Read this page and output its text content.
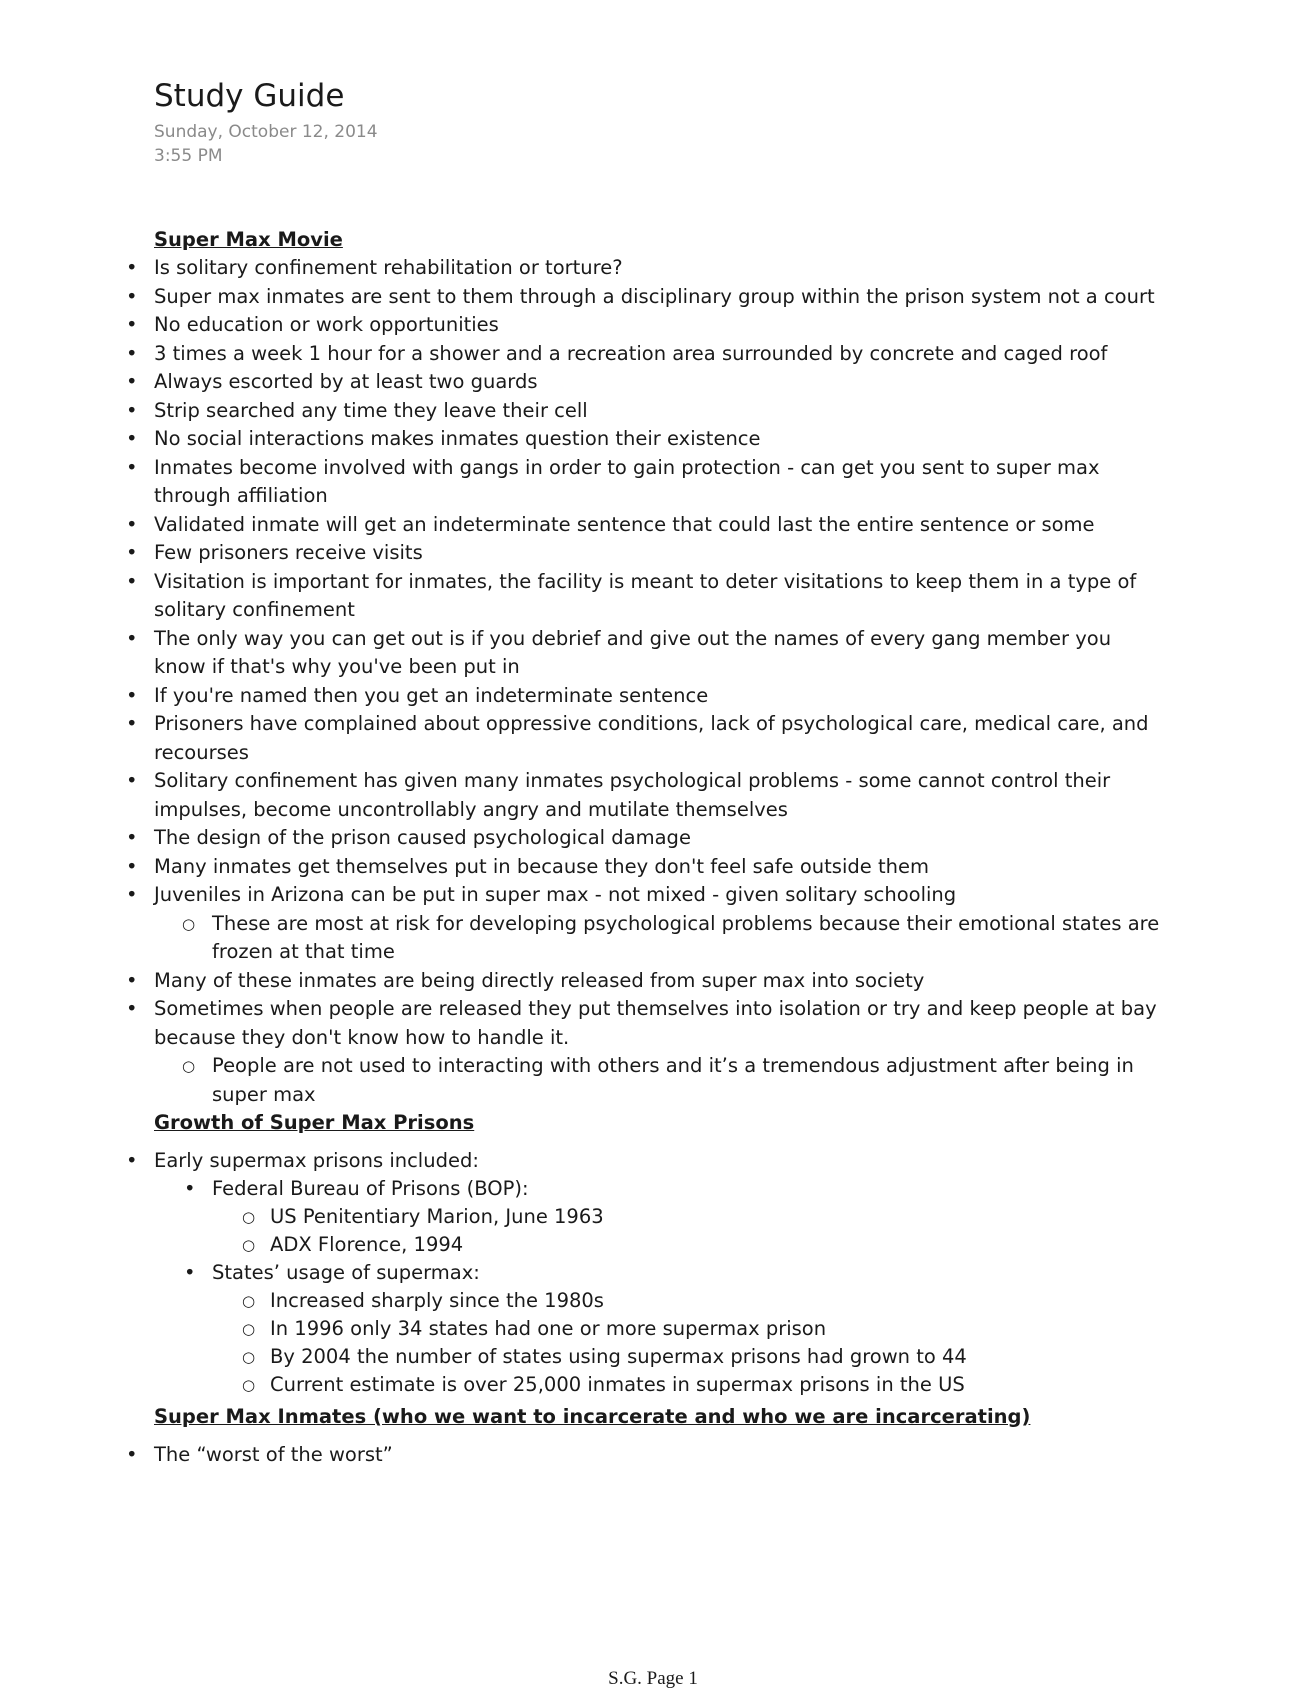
Study Guide
Sunday, October 12, 2014
3:55 PM
Super Max Movie
• Is solitary confinement rehabilitation or torture?
• Super max inmates are sent to them through a disciplinary group within the prison system not a court
• No education or work opportunities
• 3 times a week 1 hour for a shower and a recreation area surrounded by concrete and caged roof
• Always escorted by at least two guards
• Strip searched any time they leave their cell
• No social interactions makes inmates question their existence
• Inmates become involved with gangs in order to gain protection - can get you sent to super max through affiliation
• Validated inmate will get an indeterminate sentence that could last the entire sentence or some
• Few prisoners receive visits
• Visitation is important for inmates, the facility is meant to deter visitations to keep them in a type of solitary confinement
• The only way you can get out is if you debrief and give out the names of every gang member you know if that's why you've been put in
• If you're named then you get an indeterminate sentence
• Prisoners have complained about oppressive conditions, lack of psychological care, medical care, and recourses
• Solitary confinement has given many inmates psychological problems - some cannot control their impulses, become uncontrollably angry and mutilate themselves
• The design of the prison caused psychological damage
• Many inmates get themselves put in because they don't feel safe outside them
• Juveniles in Arizona can be put in super max - not mixed - given solitary schooling
○ These are most at risk for developing psychological problems because their emotional states are frozen at that time
• Many of these inmates are being directly released from super max into society
• Sometimes when people are released they put themselves into isolation or try and keep people at bay because they don't know how to handle it.
○ People are not used to interacting with others and it’s a tremendous adjustment after being in super max
Growth of Super Max Prisons
• Early supermax prisons included:
• Federal Bureau of Prisons (BOP):
○ US Penitentiary Marion, June 1963
○ ADX Florence, 1994
• States’ usage of supermax:
○ Increased sharply since the 1980s
○ In 1996 only 34 states had one or more supermax prison
○ By 2004 the number of states using supermax prisons had grown to 44
○ Current estimate is over 25,000 inmates in supermax prisons in the US
Super Max Inmates (who we want to incarcerate and who we are incarcerating)
• The “worst of the worst”
S.G. Page 1
